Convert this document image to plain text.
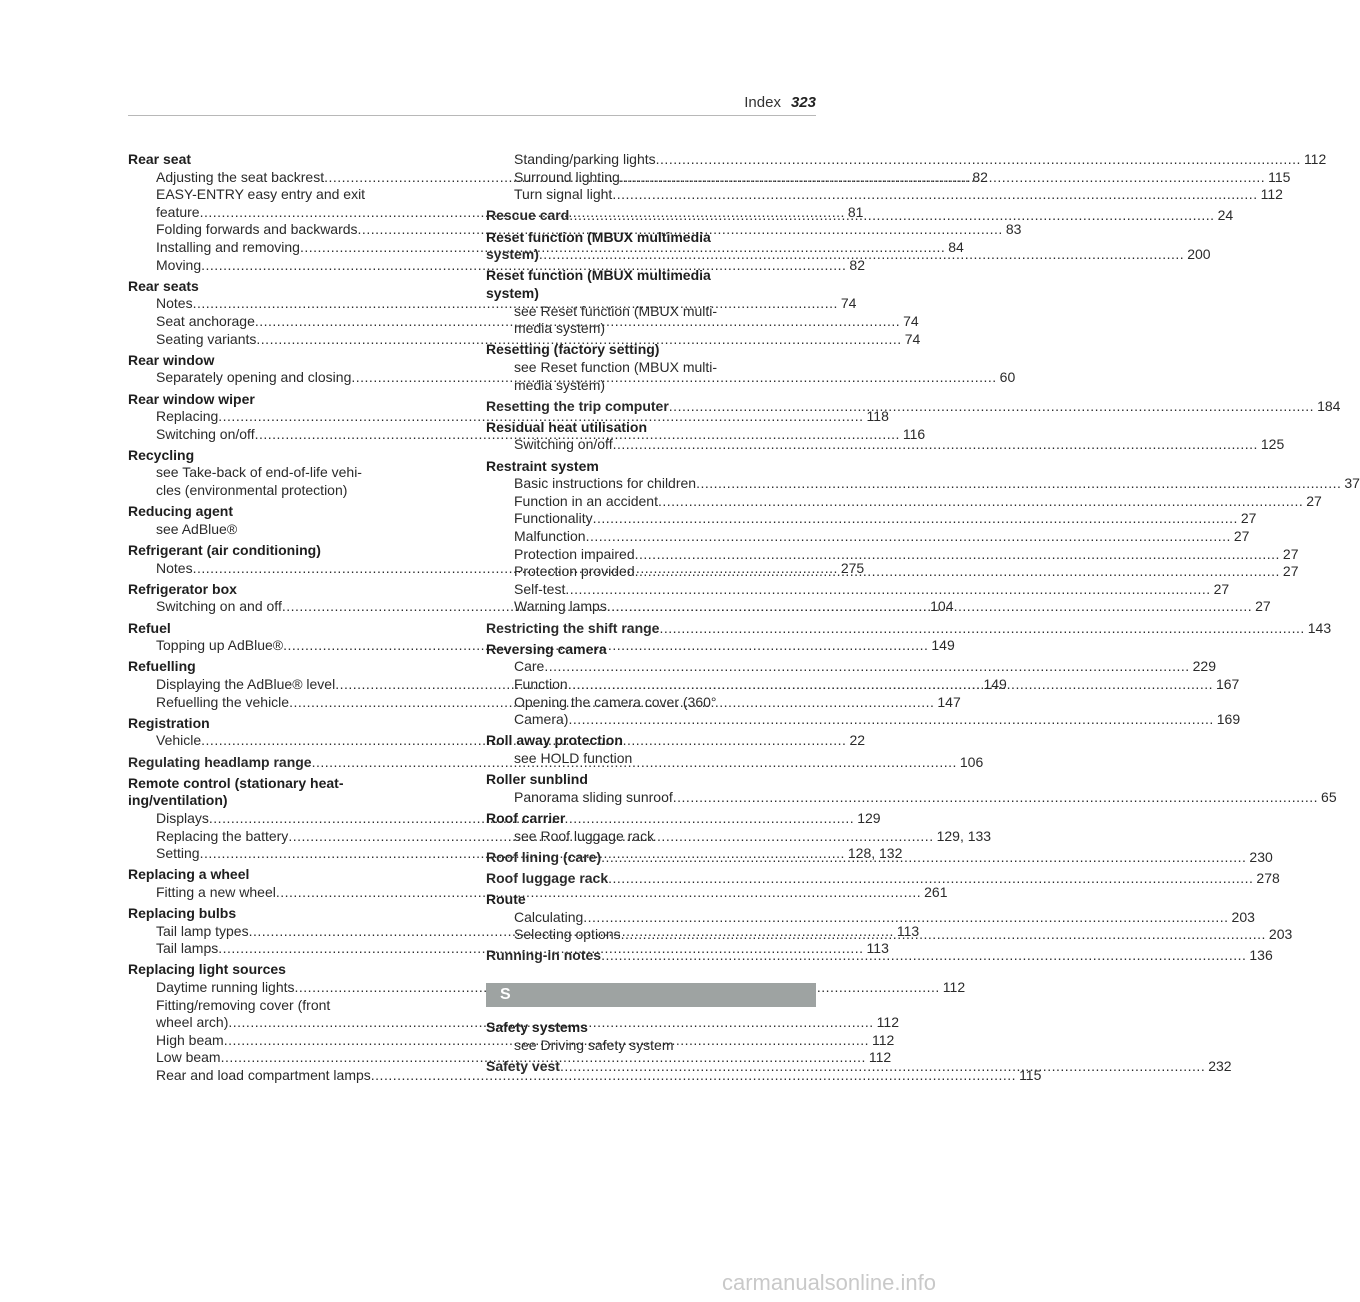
Index 323
Rear seat
Adjusting the seat backrest .....	82
EASY-ENTRY easy entry and exit
feature .....	81
Folding forwards and backwards .....	83
Installing and removing .....	84
Moving .....	82
Rear seats
Notes .....	74
Seat anchorage .....	74
Seating variants .....	74
Rear window
Separately opening and closing .....	60
Rear window wiper
Replacing .....	118
Switching on/off .....	116
Recycling
see Take-back of end-of-life vehi-
cles (environmental protection)
Reducing agent
see AdBlue®
Refrigerant (air conditioning)
Notes .....	275
Refrigerator box
Switching on and off .....	104
Refuel
Topping up AdBlue® .....	149
Refuelling
Displaying the AdBlue® level .....	149
Refuelling the vehicle .....	147
Registration
Vehicle .....	22
Regulating headlamp range .....	106
Remote control (stationary heat-
ing/ventilation)
Displays .....	129
Replacing the battery .....	129, 133
Setting .....	128, 132
Replacing a wheel
Fitting a new wheel .....	261
Replacing bulbs
Tail lamp types .....	113
Tail lamps .....	113
Replacing light sources
Daytime running lights .....	112
Fitting/removing cover (front
wheel arch) .....	112
High beam .....	112
Low beam .....	112
Rear and load compartment lamps .....	115
Standing/parking lights .....	112
Surround lighting .....	115
Turn signal light .....	112
Rescue card .....	24
Reset function (MBUX multimedia
system) .....	200
Reset function (MBUX multimedia
system)
see Reset function (MBUX multi-
media system)
Resetting (factory setting)
see Reset function (MBUX multi-
media system)
Resetting the trip computer .....	184
Residual heat utilisation
Switching on/off .....	125
Restraint system
Basic instructions for children .....	37
Function in an accident .....	27
Functionality .....	27
Malfunction .....	27
Protection impaired .....	27
Protection provided .....	27
Self-test .....	27
Warning lamps .....	27
Restricting the shift range .....	143
Reversing camera
Care .....	229
Function .....	167
Opening the camera cover (360°
Camera) .....	169
Roll away protection
see HOLD function
Roller sunblind
Panorama sliding sunroof .....	65
Roof carrier
see Roof luggage rack
Roof lining (care) .....	230
Roof luggage rack .....	278
Route
Calculating .....	203
Selecting options .....	203
Running-in notes .....	136
S
Safety systems
see Driving safety system
Safety vest .....	232
carmanualsonline.info
